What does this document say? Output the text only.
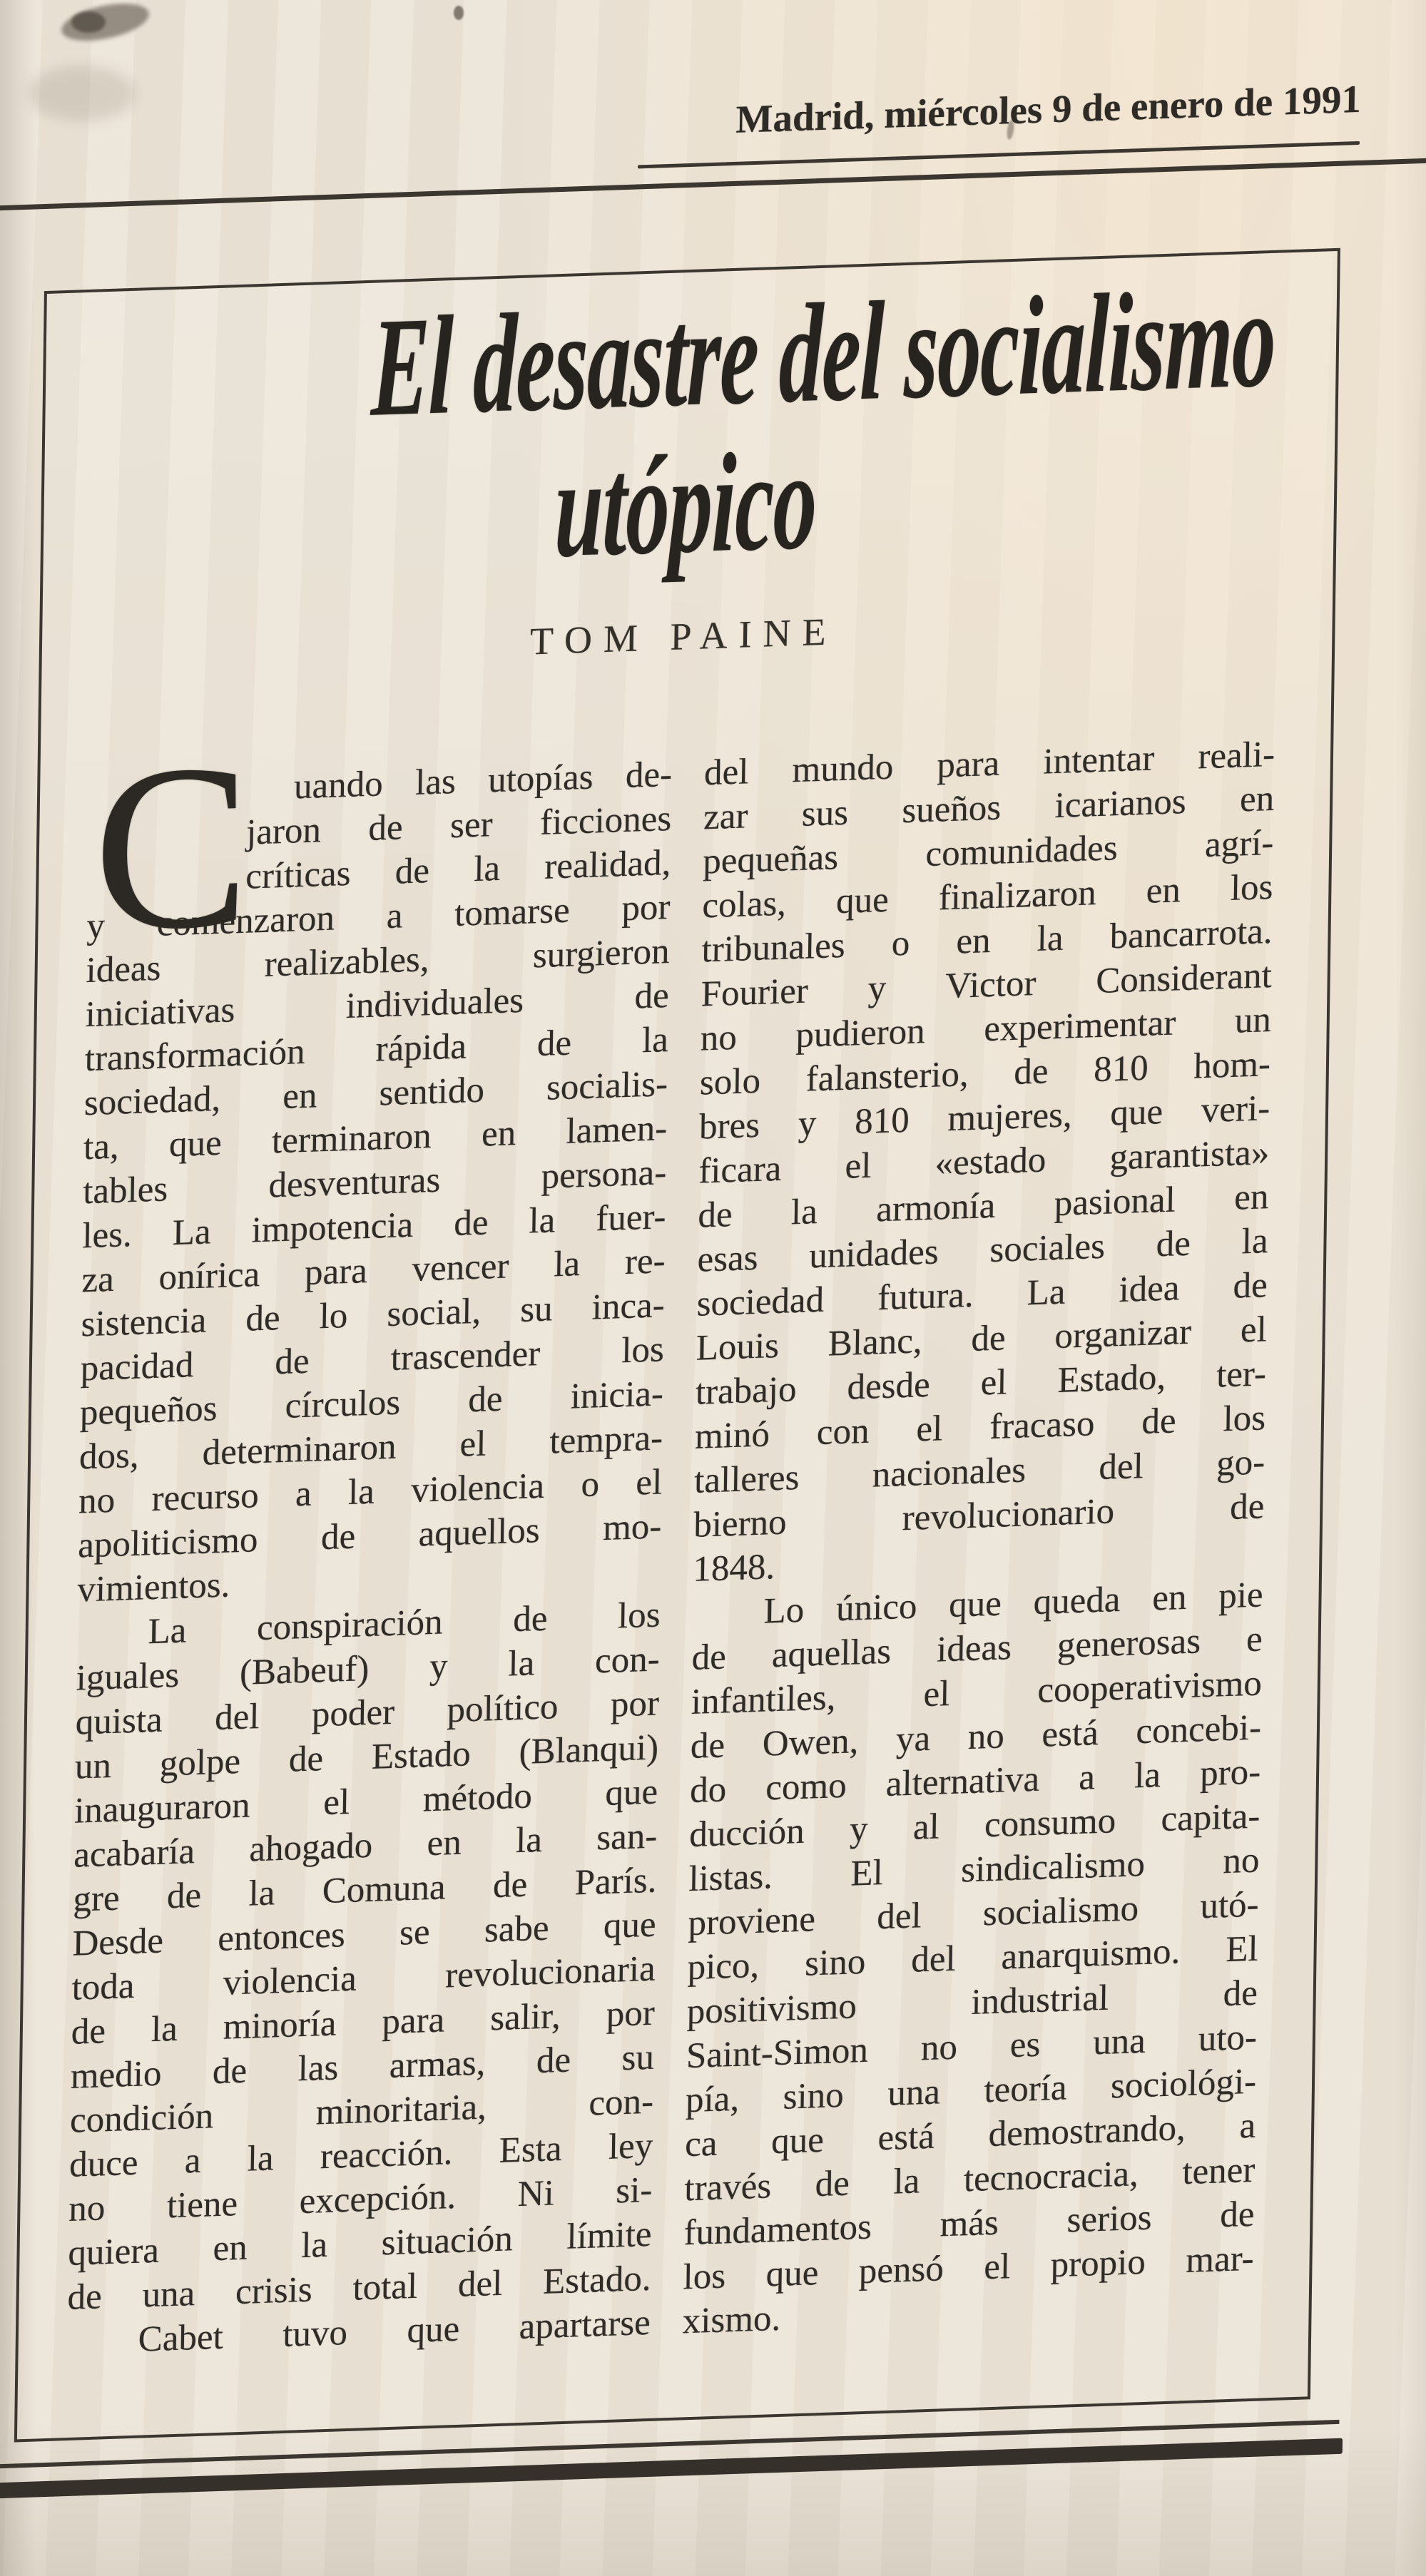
Madrid, miércoles 9 de enero de 1991
El desastre del socialismo
utópico
TOM PAINE
C	uando las utopías de-
jaron de ser ficciones
críticas de la realidad,
y comenzaron a tomarse por
ideas realizables, surgieron
iniciativas individuales de
transformación rápida de la
sociedad, en sentido socialis-
ta, que terminaron en lamen-
tables desventuras persona-
les. La impotencia de la fuer-
za onírica para vencer la re-
sistencia de lo social, su inca-
pacidad de trascender los
pequeños círculos de inicia-
dos, determinaron el tempra-
no recurso a la violencia o el
apoliticismo de aquellos mo-
vimientos.
La conspiración de los
iguales (Babeuf) y la con-
quista del poder político por
un golpe de Estado (Blanqui)
inauguraron el método que
acabaría ahogado en la san-
gre de la Comuna de París.
Desde entonces se sabe que
toda violencia revolucionaria
de la minoría para salir, por
medio de las armas, de su
condición minoritaria, con-
duce a la reacción. Esta ley
no tiene excepción. Ni si-
quiera en la situación límite
de una crisis total del Estado.
Cabet tuvo que apartarse
del mundo para intentar reali-
zar sus sueños icarianos en
pequeñas comunidades agrí-
colas, que finalizaron en los
tribunales o en la bancarrota.
Fourier y Victor Considerant
no pudieron experimentar un
solo falansterio, de 810 hom-
bres y 810 mujeres, que veri-
ficara el «estado garantista»
de la armonía pasional en
esas unidades sociales de la
sociedad futura. La idea de
Louis Blanc, de organizar el
trabajo desde el Estado, ter-
minó con el fracaso de los
talleres nacionales del go-
bierno revolucionario de
1848.
Lo único que queda en pie
de aquellas ideas generosas e
infantiles, el cooperativismo
de Owen, ya no está concebi-
do como alternativa a la pro-
ducción y al consumo capita-
listas. El sindicalismo no
proviene del socialismo utó-
pico, sino del anarquismo. El
positivismo industrial de
Saint-Simon no es una uto-
pía, sino una teoría sociológi-
ca que está demostrando, a
través de la tecnocracia, tener
fundamentos más serios de
los que pensó el propio mar-
xismo.
